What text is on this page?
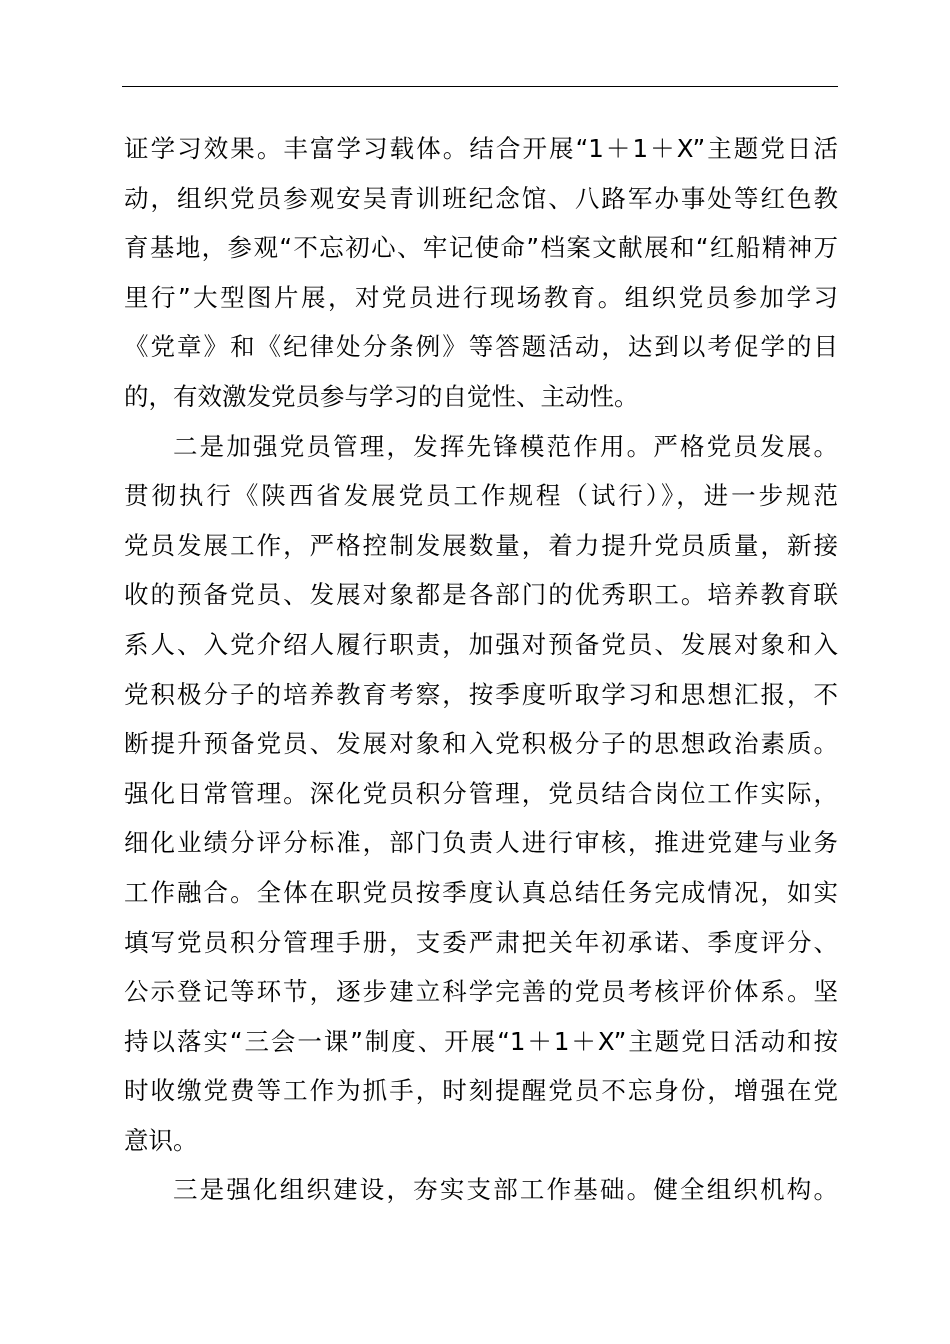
证学习效果。丰富学习载体。结合开展“1＋1＋X”主题党日活
动，组织党员参观安吴青训班纪念馆、八路军办事处等红色教
育基地，参观“不忘初心、牢记使命”档案文献展和“红船精神万
里行”大型图片展，对党员进行现场教育。组织党员参加学习
《党章》和《纪律处分条例》等答题活动，达到以考促学的目
的，有效激发党员参与学习的自觉性、主动性。
二是加强党员管理，发挥先锋模范作用。严格党员发展。
贯彻执行《陕西省发展党员工作规程（试行）》，进一步规范
党员发展工作，严格控制发展数量，着力提升党员质量，新接
收的预备党员、发展对象都是各部门的优秀职工。培养教育联
系人、入党介绍人履行职责，加强对预备党员、发展对象和入
党积极分子的培养教育考察，按季度听取学习和思想汇报，不
断提升预备党员、发展对象和入党积极分子的思想政治素质。
强化日常管理。深化党员积分管理，党员结合岗位工作实际，
细化业绩分评分标准，部门负责人进行审核，推进党建与业务
工作融合。全体在职党员按季度认真总结任务完成情况，如实
填写党员积分管理手册，支委严肃把关年初承诺、季度评分、
公示登记等环节，逐步建立科学完善的党员考核评价体系。坚
持以落实“三会一课”制度、开展“1＋1＋X”主题党日活动和按
时收缴党费等工作为抓手，时刻提醒党员不忘身份，增强在党
意识。
三是强化组织建设，夯实支部工作基础。健全组织机构。
